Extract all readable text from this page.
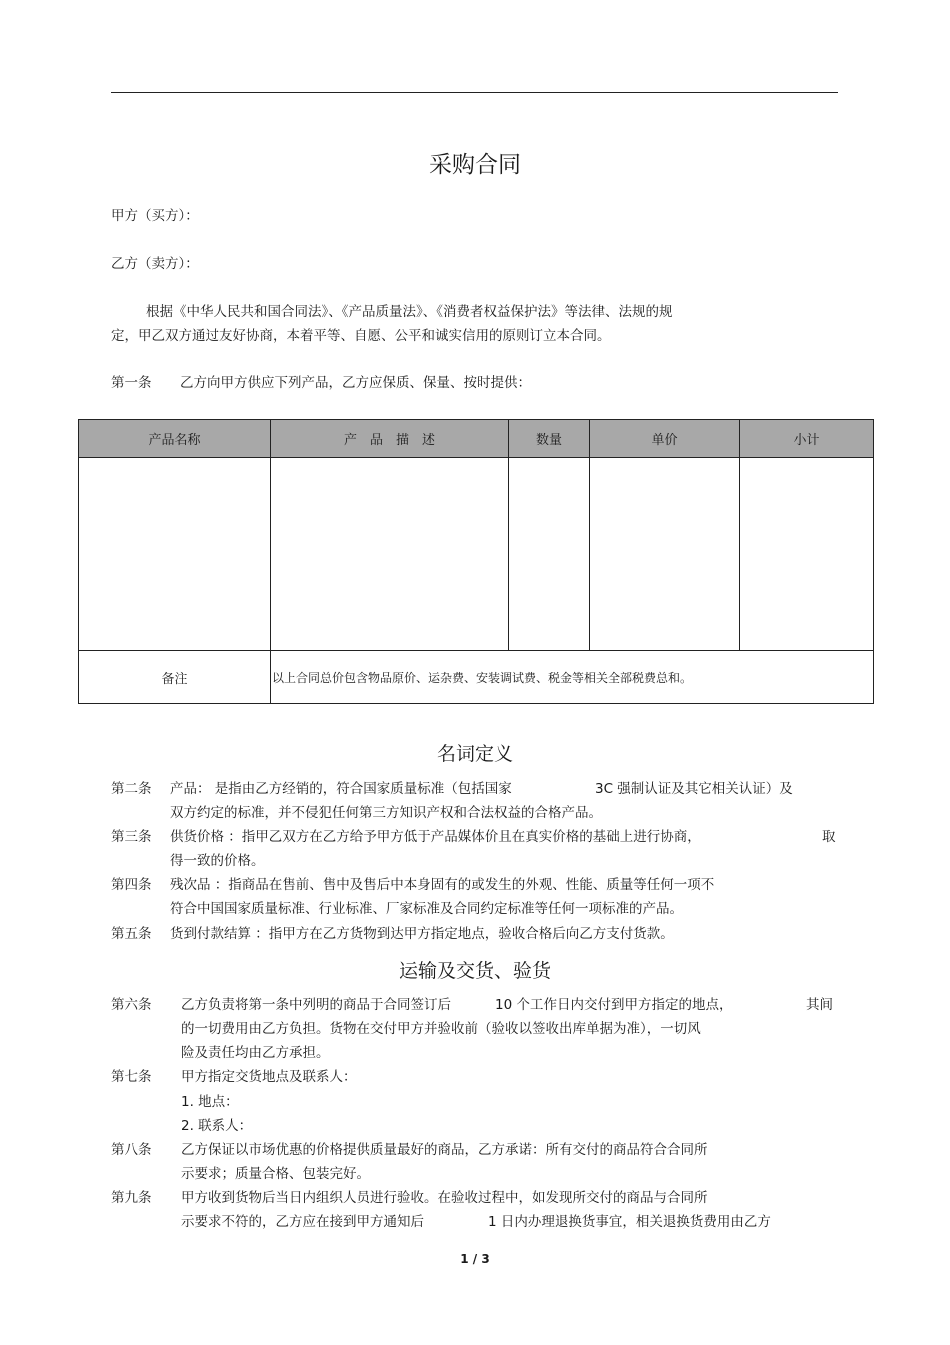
采购合同
甲方（买方）：
乙方（卖方）：
根据《中华人民共和国合同法》、《产品质量法》、《消费者权益保护法》等法律、法规的规
定，甲乙双方通过友好协商，本着平等、自愿、公平和诚实信用的原则订立本合同。
第一条 乙方向甲方供应下列产品，乙方应保质、保量、按时提供：
产品名称	产　品　描　述	数量	单价	小计

备注	以上合同总价包含物品原价、运杂费、安装调试费、税金等相关全部税费总和。			
名词定义
第二条 产品： 是指由乙方经销的，符合国家质量标准（包括国家	3C 强制认证及其它相关认证）及
双方约定的标准，并不侵犯任何第三方知识产权和合法权益的合格产品。
第三条 供货价格 ：指甲乙双方在乙方给予甲方低于产品媒体价且在真实价格的基础上进行协商，	取
得一致的价格。
第四条 残次品 ：指商品在售前、售中及售后中本身固有的或发生的外观、性能、质量等任何一项不
符合中国国家质量标准、行业标准、厂家标准及合同约定标准等任何一项标准的产品。
第五条 货到付款结算 ：指甲方在乙方货物到达甲方指定地点，验收合格后向乙方支付货款。
运输及交货、验货
第六条 乙方负责将第一条中列明的商品于合同签订后	10 个工作日内交付到甲方指定的地点，	其间
的一切费用由乙方负担。货物在交付甲方并验收前（验收以签收出库单据为准），一切风
险及责任均由乙方承担。
第七条 甲方指定交货地点及联系人：
1. 地点：
2. 联系人：
第八条 乙方保证以市场优惠的价格提供质量最好的商品，乙方承诺：所有交付的商品符合合同所
示要求；质量合格、包装完好。
第九条 甲方收到货物后当日内组织人员进行验收。在验收过程中，如发现所交付的商品与合同所
示要求不符的，乙方应在接到甲方通知后	1 日内办理退换货事宜，相关退换货费用由乙方
1 / 3
